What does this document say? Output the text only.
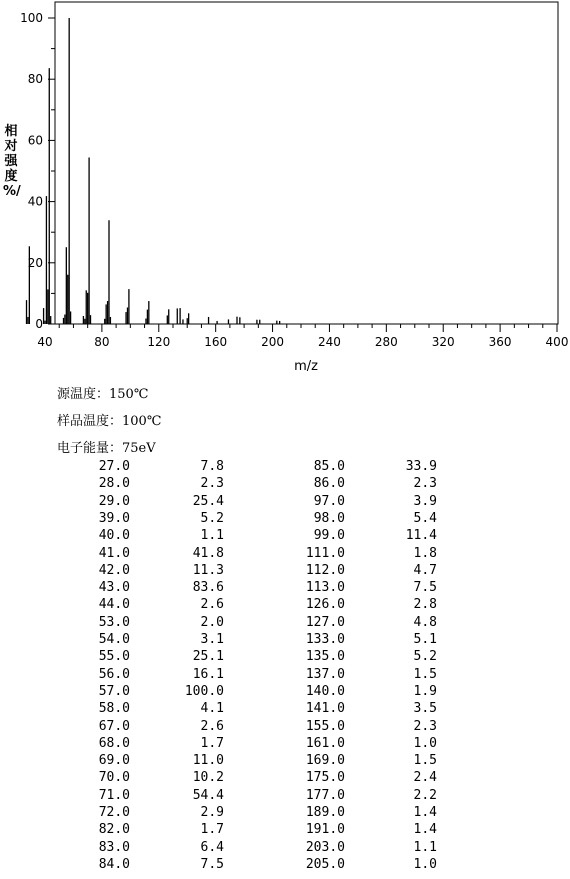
40	80	120	160	200	240	280	320	360	400
0
20
40
60
80
100
m/z
相对强度 %/
源温度：150℃
样品温度：100℃
电子能量：75eV
27.0	7.8	85.0	33.9
28.0	2.3	86.0	2.3
29.0	25.4	97.0	3.9
39.0	5.2	98.0	5.4
40.0	1.1	99.0	11.4
41.0	41.8	111.0	1.8
42.0	11.3	112.0	4.7
43.0	83.6	113.0	7.5
44.0	2.6	126.0	2.8
53.0	2.0	127.0	4.8
54.0	3.1	133.0	5.1
55.0	25.1	135.0	5.2
56.0	16.1	137.0	1.5
57.0	100.0	140.0	1.9
58.0	4.1	141.0	3.5
67.0	2.6	155.0	2.3
68.0	1.7	161.0	1.0
69.0	11.0	169.0	1.5
70.0	10.2	175.0	2.4
71.0	54.4	177.0	2.2
72.0	2.9	189.0	1.4
82.0	1.7	191.0	1.4
83.0	6.4	203.0	1.1
84.0	7.5	205.0	1.0
